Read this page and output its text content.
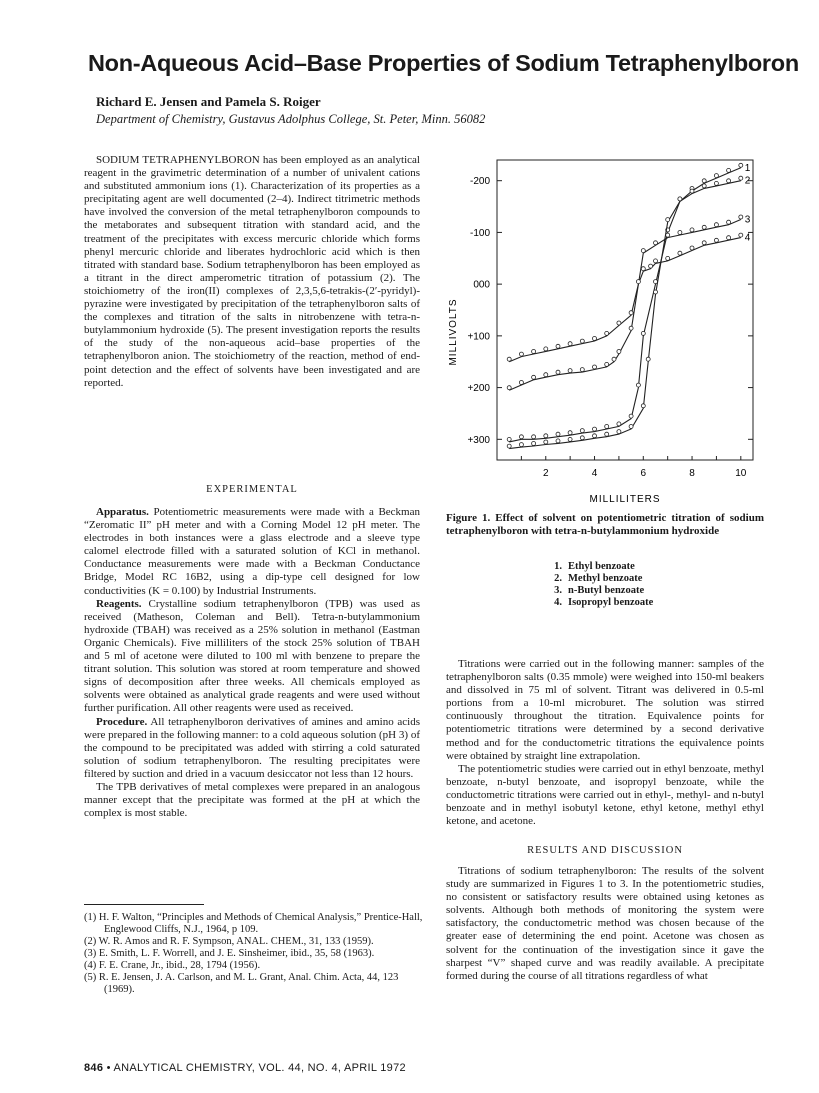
Non-Aqueous Acid–Base Properties of Sodium Tetraphenylboron
Richard E. Jensen and Pamela S. Roiger
Department of Chemistry, Gustavus Adolphus College, St. Peter, Minn. 56082

SODIUM TETRAPHENYLBORON has been employed as an analytical reagent in the gravimetric determination of a number of univalent cations and substituted ammonium ions (1). Characterization of its properties as a precipitating agent are well documented (2–4). Indirect titrimetric methods have involved the conversion of the metal tetraphenylboron compounds to the metaborates and subsequent titration with standard acid, and the treatment of the precipitates with excess mercuric chloride which forms phenyl mercuric chloride and liberates hydrochloric acid which is then titrated with standard base. Sodium tetraphenylboron has been employed as a titrant in the direct amperometric titration of potassium (2). The stoichiometry of the iron(II) complexes of 2,3,5,6-tetrakis-(2′-pyridyl)-pyrazine were investigated by precipitation of the tetraphenylboron salts of the complexes and titration of the salts in nitrobenzene with tetra-n-butylammonium hydroxide (5). The present investigation reports the results of the study of the non-aqueous acid–base properties of the tetraphenylboron anion. The stoichiometry of the reaction, method of end-point detection and the effect of solvents have been investigated and are reported.

EXPERIMENTAL

Apparatus. Potentiometric measurements were made with a Beckman “Zeromatic II” pH meter and with a Corning Model 12 pH meter. The electrodes in both instances were a glass electrode and a sleeve type calomel electrode filled with a saturated solution of KCl in methanol. Conductance measurements were made with a Beckman Conductance Bridge, Model RC 16B2, using a dip-type cell designed for low conductivities (K = 0.100) by Industrial Instruments.

Reagents. Crystalline sodium tetraphenylboron (TPB) was used as received (Matheson, Coleman and Bell). Tetra-n-butylammonium hydroxide (TBAH) was received as a 25% solution in methanol (Eastman Organic Chemicals). Five milliliters of the stock 25% solution of TBAH and 5 ml of acetone were diluted to 100 ml with benzene to prepare the titrant solution. This solution was stored at room temperature and showed signs of decomposition after three weeks. All chemicals employed as solvents were obtained as analytical grade reagents and were used without further purification. All other reagents were used as received.

Procedure. All tetraphenylboron derivatives of amines and amino acids were prepared in the following manner: to a cold aqueous solution (pH 3) of the compound to be precipitated was added with stirring a cold saturated solution of sodium tetraphenylboron. The resulting precipitates were filtered by suction and dried in a vacuum desiccator not less than 12 hours.

The TPB derivatives of metal complexes were prepared in an analogous manner except that the precipitate was formed at the pH at which the complex is most stable.

(1) H. F. Walton, “Principles and Methods of Chemical Analysis,” Prentice-Hall, Englewood Cliffs, N.J., 1964, p 109.

(2) W. R. Amos and R. F. Sympson, ANAL. CHEM., 31, 133 (1959).

(3) E. Smith, L. F. Worrell, and J. E. Sinsheimer, ibid., 35, 58 (1963).

(4) F. E. Crane, Jr., ibid., 28, 1794 (1956).

(5) R. E. Jensen, J. A. Carlson, and M. L. Grant, Anal. Chim. Acta, 44, 123 (1969).

846 • ANALYTICAL CHEMISTRY, VOL. 44, NO. 4, APRIL 1972
-200
-100
000
+100
+200
+300
2	4	6	8	10
1
2
3
4
MILLIVOLTS
MILLILITERS
Figure 1. Effect of solvent on potentiometric titration of sodium tetraphenylboron with tetra-n-butylammonium hydroxide
1. Ethyl benzoate
2. Methyl benzoate
3. n-Butyl benzoate
4. Isopropyl benzoate

Titrations were carried out in the following manner: samples of the tetraphenylboron salts (0.35 mmole) were weighed into 150-ml beakers and dissolved in 75 ml of solvent. Titrant was delivered in 0.5-ml portions from a 10-ml microburet. The solution was stirred continuously throughout the titration. Equivalence points for potentiometric titrations were determined by a second derivative method and for the conductometric titrations the equivalence points were obtained by straight line extrapolation.

The potentiometric studies were carried out in ethyl benzoate, methyl benzoate, n-butyl benzoate, and isopropyl benzoate, while the conductometric titrations were carried out in ethyl-, methyl- and n-butyl benzoate and in methyl isobutyl ketone, ethyl ketone, methyl ethyl ketone, and acetone.

RESULTS AND DISCUSSION

Titrations of sodium tetraphenylboron: The results of the solvent study are summarized in Figures 1 to 3. In the potentiometric studies, no consistent or satisfactory results were obtained using ketones as solvents. Although both methods of monitoring the system were satisfactory, the conductometric method was chosen because of the greater ease of determining the end point. Acetone was chosen as solvent for the continuation of the investigation since it gave the sharpest “V” shaped curve and was readily available. A precipitate formed during the course of all titrations regardless of what
